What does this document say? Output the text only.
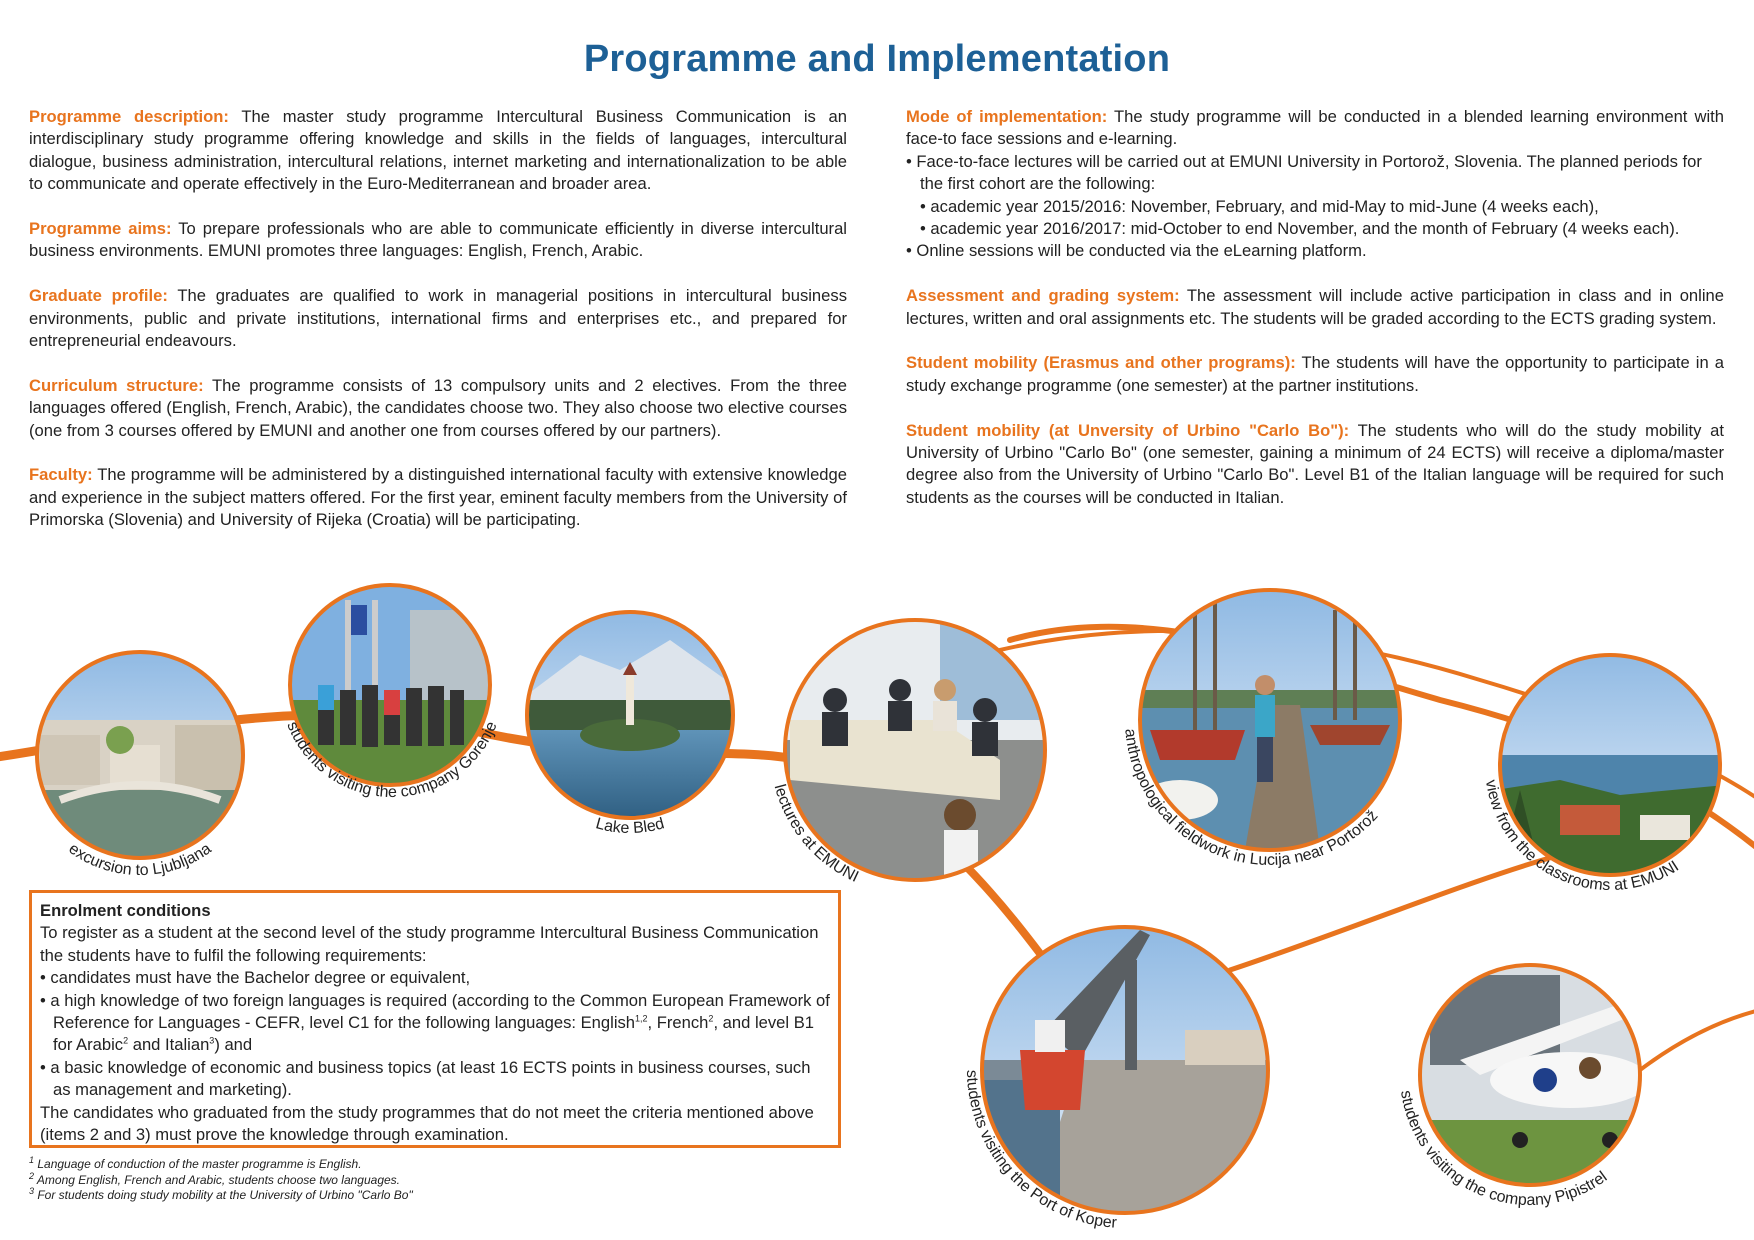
Programme and Implementation

Programme description: The master study programme Intercultural Business Communication is an interdisciplinary study programme offering knowledge and skills in the fields of languages, intercultural dialogue, business administration, intercultural relations, internet marketing and internationalization to be able to communicate and operate effectively in the Euro-Mediterranean and broader area.

Programme aims: To prepare professionals who are able to communicate efficiently in diverse intercultural business environments. EMUNI promotes three languages: English, French, Arabic.

Graduate profile: The graduates are qualified to work in managerial positions in intercultural business environments, public and private institutions, international firms and enterprises etc., and prepared for entrepreneurial endeavours.

Curriculum structure: The programme consists of 13 compulsory units and 2 electives. From the three languages offered (English, French, Arabic), the candidates choose two. They also choose two elective courses (one from 3 courses offered by EMUNI and another one from courses offered by our partners).

Faculty: The programme will be administered by a distinguished international faculty with extensive knowledge and experience in the subject matters offered. For the first year, eminent faculty members from the University of Primorska (Slovenia) and University of Rijeka (Croatia) will be participating.

Mode of implementation: The study programme will be conducted in a blended learning environment with face-to face sessions and e-learning.

• Face-to-face lectures will be carried out at EMUNI University in Portorož, Slovenia. The planned periods for the first cohort are the following:

• academic year 2015/2016: November, February, and mid-May to mid-June (4 weeks each),

• academic year 2016/2017: mid-October to end November, and the month of February (4 weeks each).

• Online sessions will be conducted via the eLearning platform.

Assessment and grading system: The assessment will include active participation in class and in online lectures, written and oral assignments etc. The students will be graded according to the ECTS grading system.

Student mobility (Erasmus and other programs): The students will have the opportunity to participate in a study exchange programme (one semester) at the partner institutions.

Student mobility (at Unversity of Urbino "Carlo Bo"): The students who will do the study mobility at University of Urbino "Carlo Bo" (one semester, gaining a minimum of 24 ECTS) will receive a diploma/master degree also from the University of Urbino "Carlo Bo". Level B1 of the Italian language will be required for such students as the courses will be conducted in Italian.

excursion to Ljubljana
students visiting the company Gorenje
Lake Bled
lectures at EMUNI
anthropological fieldwork in Lucija near Portorož
view from the classrooms at EMUNI
students visiting the Port of Koper
students visiting the company Pipistrel

Enrolment conditions

To register as a student at the second level of the study programme Intercultural Business Communication the students have to fulfil the following requirements:

• candidates must have the Bachelor degree or equivalent,

• a high knowledge of two foreign languages is required (according to the Common European Framework of Reference for Languages - CEFR, level C1 for the following languages: English$^{1,2}$, French$^2$, and level B1 for Arabic$^2$ and Italian$^3$) and

• a basic knowledge of economic and business topics (at least 16 ECTS points in business courses, such as management and marketing).

The candidates who graduated from the study programmes that do not meet the criteria mentioned above (items 2 and 3) must prove the knowledge through examination.

$^1$ Language of conduction of the master programme is English.

$^2$ Among English, French and Arabic, students choose two languages.

$^3$ For students doing study mobility at the University of Urbino "Carlo Bo"
